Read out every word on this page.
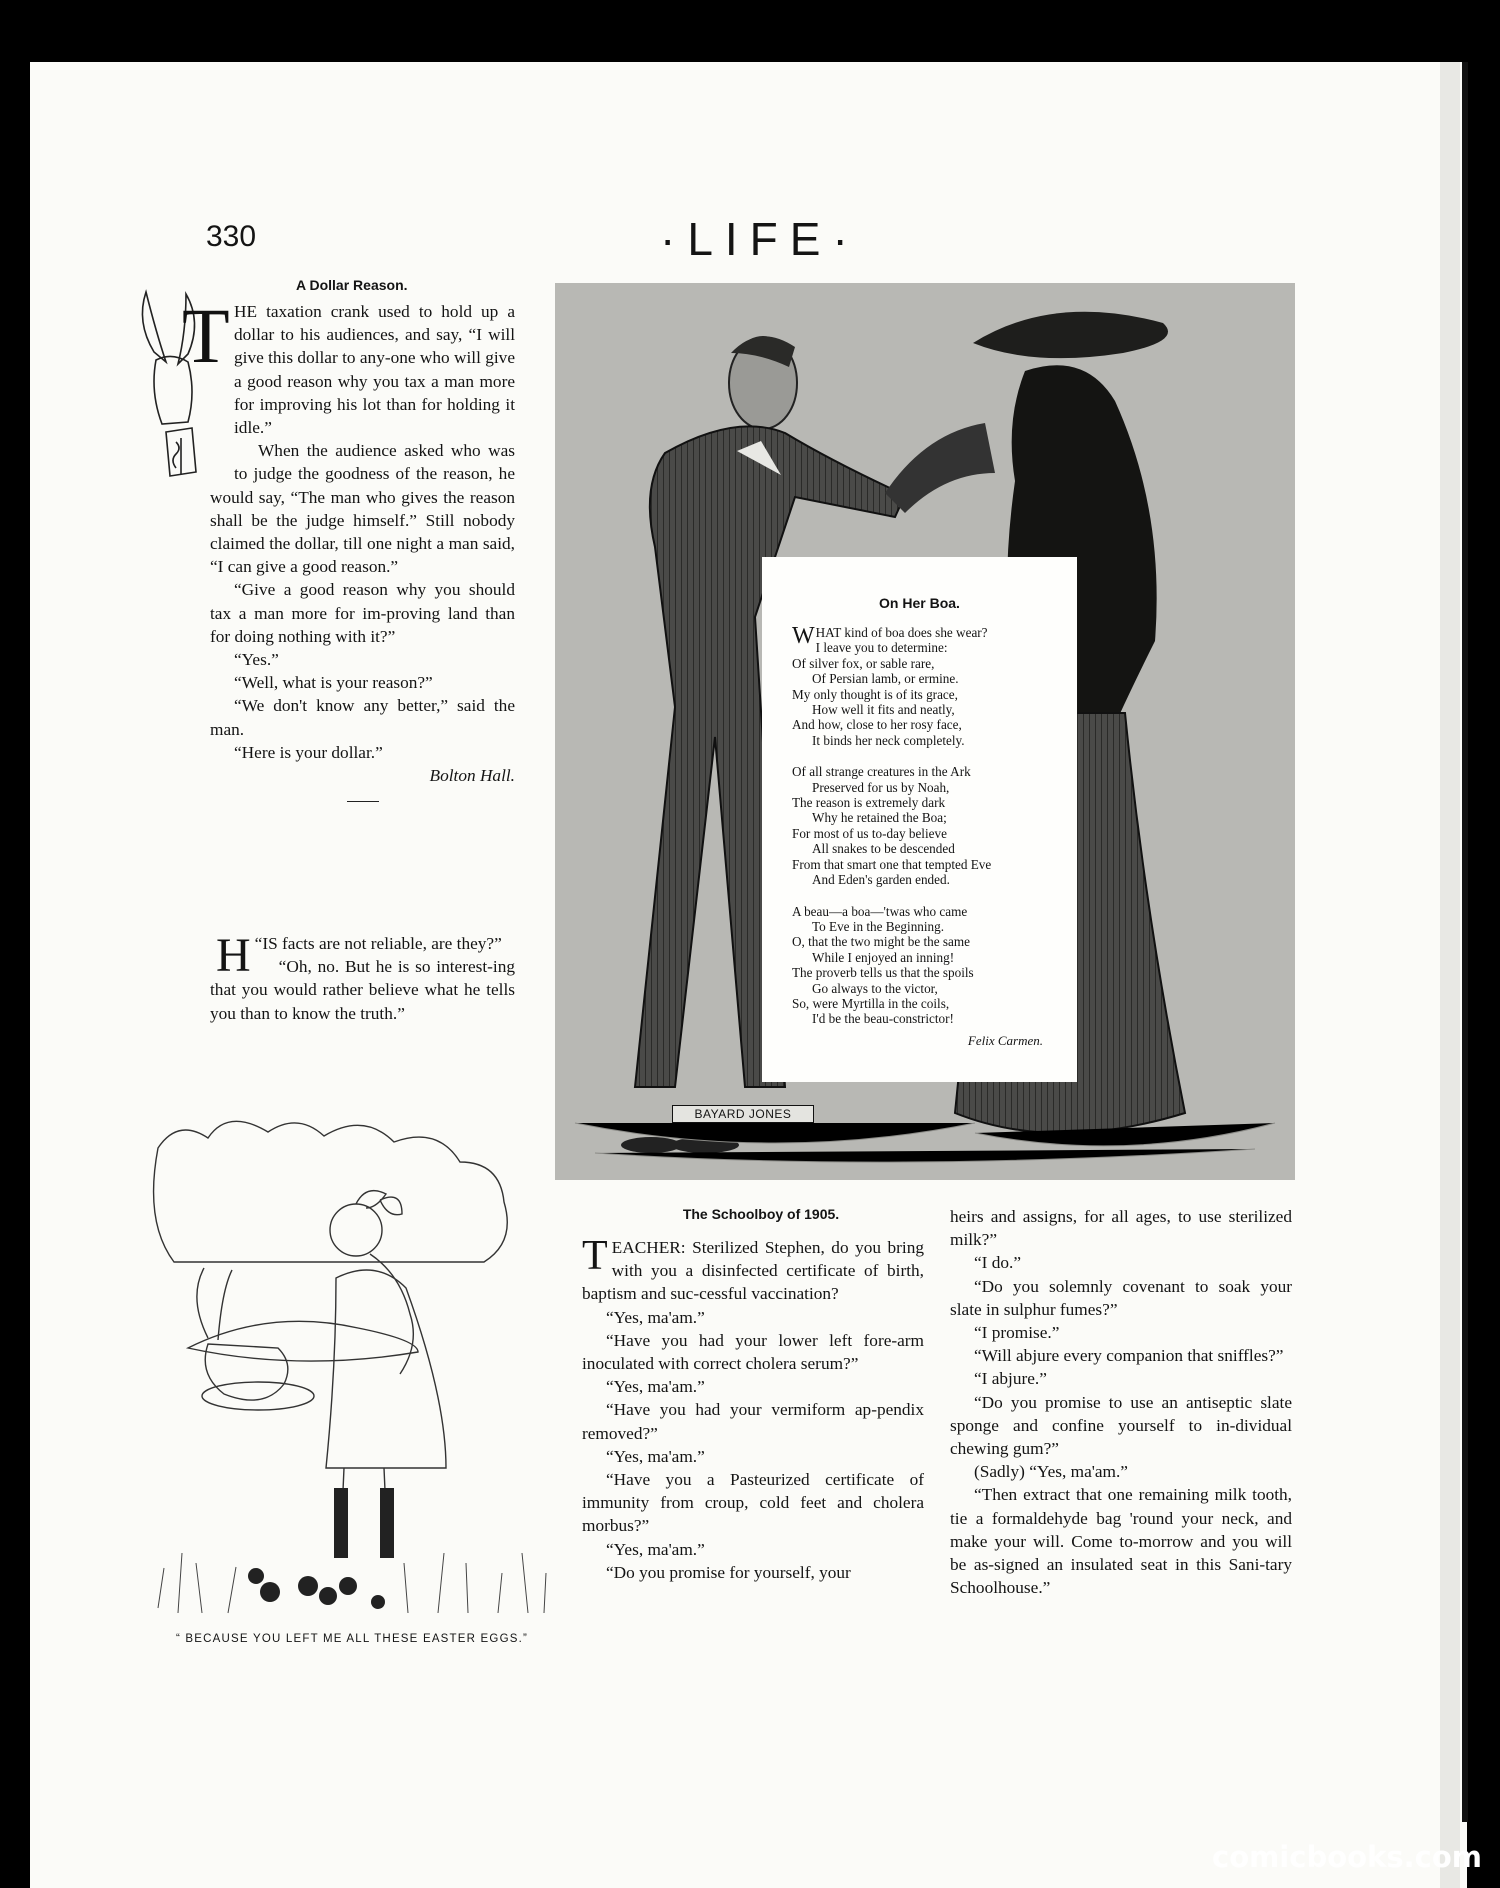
330	·LIFE·
A Dollar Reason.
T HE taxation crank used to hold up a dollar to his audiences, and say, “I will give this dollar to any-one who will give a good reason why you tax a man more for improving his lot than for holding it idle.”

When the audience asked who was to judge the goodness of the reason, he would say, “The man who gives the reason shall be the judge himself.” Still nobody claimed the dollar, till one night a man said, “I can give a good reason.”

“Give a good reason why you should tax a man more for im-proving land than for doing nothing with it?”

“Yes.”

“Well, what is your reason?”

“We don't know any better,” said the man.

“Here is your dollar.”

Bolton Hall.

“
H IS facts are not reliable, are they?”

“Oh, no. But he is so interest-ing that you would rather believe what he tells you than to know the truth.”

“ BECAUSE YOU LEFT ME ALL THESE EASTER EGGS.”
On Her Boa.
WHAT kind of boa does she wear?
I leave you to determine:
Of silver fox, or sable rare,
Of Persian lamb, or ermine.
My only thought is of its grace,
How well it fits and neatly,
And how, close to her rosy face,
It binds her neck completely.
Of all strange creatures in the Ark
Preserved for us by Noah,
The reason is extremely dark
Why he retained the Boa;
For most of us to-day believe
All snakes to be descended
From that smart one that tempted Eve
And Eden's garden ended.
A beau—a boa—'twas who came
To Eve in the Beginning.
O, that the two might be the same
While I enjoyed an inning!
The proverb tells us that the spoils
Go always to the victor,
So, were Myrtilla in the coils,
I'd be the beau-constrictor!
Felix Carmen.
BAYARD JONES
The Schoolboy of 1905.

TEACHER: Sterilized Stephen, do you bring with you a disinfected certificate of birth, baptism and suc-cessful vaccination?

“Yes, ma'am.”

“Have you had your lower left fore-arm inoculated with correct cholera serum?”

“Yes, ma'am.”

“Have you had your vermiform ap-pendix removed?”

“Yes, ma'am.”

“Have you a Pasteurized certificate of immunity from croup, cold feet and cholera morbus?”

“Yes, ma'am.”

“Do you promise for yourself, your

heirs and assigns, for all ages, to use sterilized milk?”

“I do.”

“Do you solemnly covenant to soak your slate in sulphur fumes?”

“I promise.”

“Will abjure every companion that sniffles?”

“I abjure.”

“Do you promise to use an antiseptic slate sponge and confine yourself to in-dividual chewing gum?”

(Sadly) “Yes, ma'am.”

“Then extract that one remaining milk tooth, tie a formaldehyde bag 'round your neck, and make your will. Come to-morrow and you will be as-signed an insulated seat in this Sani-tary Schoolhouse.”

comicbooks.com
